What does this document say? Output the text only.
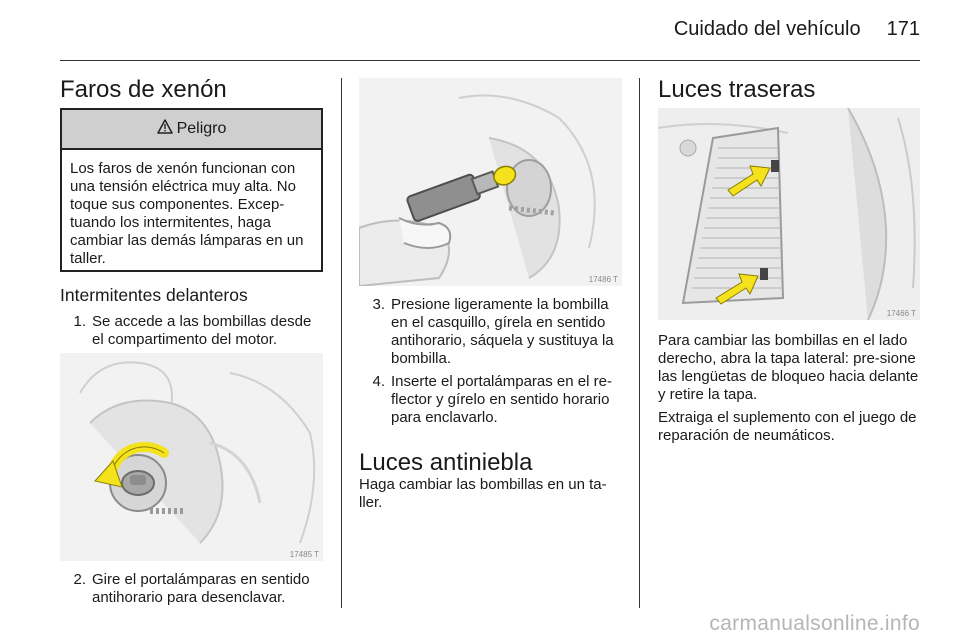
Cuidado del vehículo 171
Faros de xenón
Peligro
Los faros de xenón funcionan con una tensión eléctrica muy alta. No toque sus componentes. Excep-tuando los intermitentes, haga cambiar las demás lámparas en un taller.
Intermitentes delanteros
1. Se accede a las bombillas desde el compartimento del motor.
17485 T
2. Gire el portalámparas en sentido antihorario para desenclavar.
17486 T
3. Presione ligeramente la bombilla en el casquillo, gírela en sentido antihorario, sáquela y sustituya la bombilla.
4. Inserte el portalámparas en el re-flector y gírelo en sentido horario para enclavarlo.
Luces antiniebla

Haga cambiar las bombillas en un ta-ller.

Luces traseras
17466 T

Para cambiar las bombillas en el lado derecho, abra la tapa lateral: pre-sione las lengüetas de bloqueo hacia delante y retire la tapa.

Extraiga el suplemento con el juego de reparación de neumáticos.

carmanualsonline.info
